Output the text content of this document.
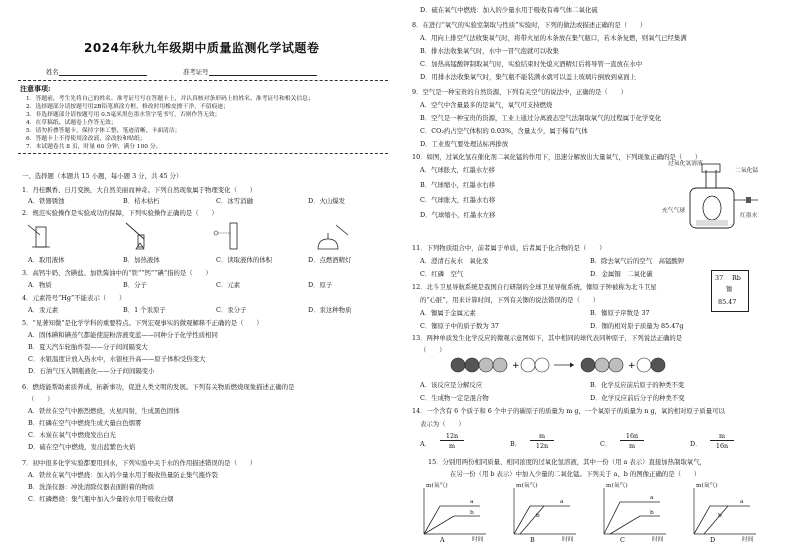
2024年秋九年级期中质量监测化学试题卷
姓名	准考证号
注意事项:
1．答题前，考生先将自己的姓名、准考证号写在答题卡上，并认真核对条形码上的姓名、准考证号和相关信息；
2．选择题部分请按题号用2B铅笔填涂方框，修改时用橡皮擦干净，不留痕迹；
3．非选择题部分请按题号用 0.5毫米黑色墨水签字笔书写，否则作答无效；
4．在草稿纸、试题卷上作答无效；
5．请勿折叠答题卡，保持字体工整、笔迹清晰、卡面清洁；
6．答题卡上不得使用涂改液、涂改胶和贴纸；
7．本试题卷共 8 页，时量 60 分钟，满分 100 分。
一、选择题（本题共 15 小题，每小题 3 分，共 45 分）
1．丹桂飘香、日月变换，大自然美丽而神奇。下列自然现象属于物理变化（　　）
A．铁器锈蚀	B．桔木枯朽	C．冰雪消融	D．火山爆发
2．规范实验操作是实验成功的保障，下列实验操作正确的是（　　）
A．取用液体	B．加热液体	C．读取液体的体积	D．点燃酒精灯
3．高钙牛奶、含碘盐、加铁酱油中的“铁”“钙”“碘”指的是（　　）
A．物质	B．分子	C．元素	D．原子
4．元素符号“Hg”不能表示（　　）
A．汞元素	B．1 个汞原子	C．汞分子	D．汞这种物质
5．“见著知微”是化学学科的重要特点。下列宏观事实的微观解释不正确的是（　　）
A．固体碘和碘蒸气都能使淀粉溶液变蓝——同种分子化学性质相同
B．夏天汽车轮胎炸裂——分子间间隔变大
C．水银温度计放入热水中，水银柱升高——原子体积受热变大
D．石油气压入钢瓶液化——分子间间隔变小
6．燃烧能帮助素质养成，拓新事功，促进人类文明的发展。下列有关物质燃烧现象描述正确的是
（　　）
A．铁丝在空气中剧烈燃烧，火星四射，生成黑色固体
B．红磷在空气中燃烧生成大量白色烟雾
C．木炭在氧气中燃烧发出白光
D．硫在空气中燃烧，发出蓝紫色火焰
7．初中很多化学实验都要用到水，下列实验中关于水的作用描述错误的是（　　）
A．铁丝在氧气中燃烧：加入的少量水用于吸收热量防止集气瓶炸裂
B．洗涤仪器：冲洗清除仪器表面附着的物质
C．红磷燃烧：集气瓶中加入少量的水用于吸收白烟
D．硫在氧气中燃烧：加入的少量水用于吸收有毒气体二氧化硫
8．在进行“氧气的实验室制取与性质”实验时，下列的做法或描述正确的是（　　）
A．用向上排空气法收集氧气时，将带火星的木条放在集气瓶口，若木条复燃，则氧气已经集满
B．排水法收集氧气时，水中一冒气泡就可以收集
C．加热高锰酸钾制取氧气时，实验结束时先熄灭酒精灯后将导管一直放在水中
D．用排水法收集氧气时，集气瓶不能装满水就可以盖上玻璃片倒放到桌面上
9．空气是一种宝贵的自然资源，下列有关空气的说法中，正确的是（　　）
A．空气中含量最多的是氧气，氧气可支持燃烧
B．空气是一种宝贵的资源，工业上通过分离液态空气法制取氧气的过程属于化学变化
C．CO₂约占空气体积的 0.03%，含量太少，属于稀有气体
D．工业废气要处理达标再排放
10．如图，过氧化氢在催化剂二氧化锰的作用下，迅速分解放出大量氧气，下列现象正确的是（　　）
A．气球胀大，红墨水左移
B．气球缩小，红墨水右移
C．气球胀大，红墨水右移
D．气球缩小，红墨水左移
过氧化氢溶液
二氧化锰
充气气球
红墨水
11．下列物质组合中，前者属于单质，后者属于化合物的是（　　）
A．澄清石灰水　氧化汞	B．除去氧气后的空气　高锰酸钾
C．红磷　空气	D．金属铜　二氧化碳
12．北斗卫星导航系统是我国自行研制的全球卫星导航系统，铷原子钟被称为北斗卫星
的“心脏”，用来计算时间，下列有关铷的说法错误的是（　　）
A．铷属于金属元素	B．铷原子序数是 37
C．铷原子中的质子数为 37	D．铷的相对原子质量为 85.47g
37 Rb
铷
85.47
13．两种单质发生化学反应的微观示意图如下，其中相同的球代表同种原子，下列说法正确的是
（　　）
+	+
A．该反应是分解反应	B．化学反应前后原子的种类不变
C．生成物一定是混合物	D．化学反应前后分子的种类不变
14．一个含有 6 个质子和 6 个中子的碳原子的质量为 m g，一个氧原子的质量为 n g，氧的相对原子质量可以
表示为（　　）
A．
12n
m	B．
m
12n	C．
16n
m	D．
m
16n
15．分别用两份相同质量、相同浓度的过氧化氢溶液，其中一份（用 a 表示）直接加热制取氧气，
在另一份（用 b 表示）中加入少量的二氧化锰。下列关于 a、b 的图像正确的是（　　）
m(氧气)	m(氧气)	m(氧气)	m(氧气)
时间	时间	时间	时间
a
b
a
b
a
b
a
b
A	B	C	D
